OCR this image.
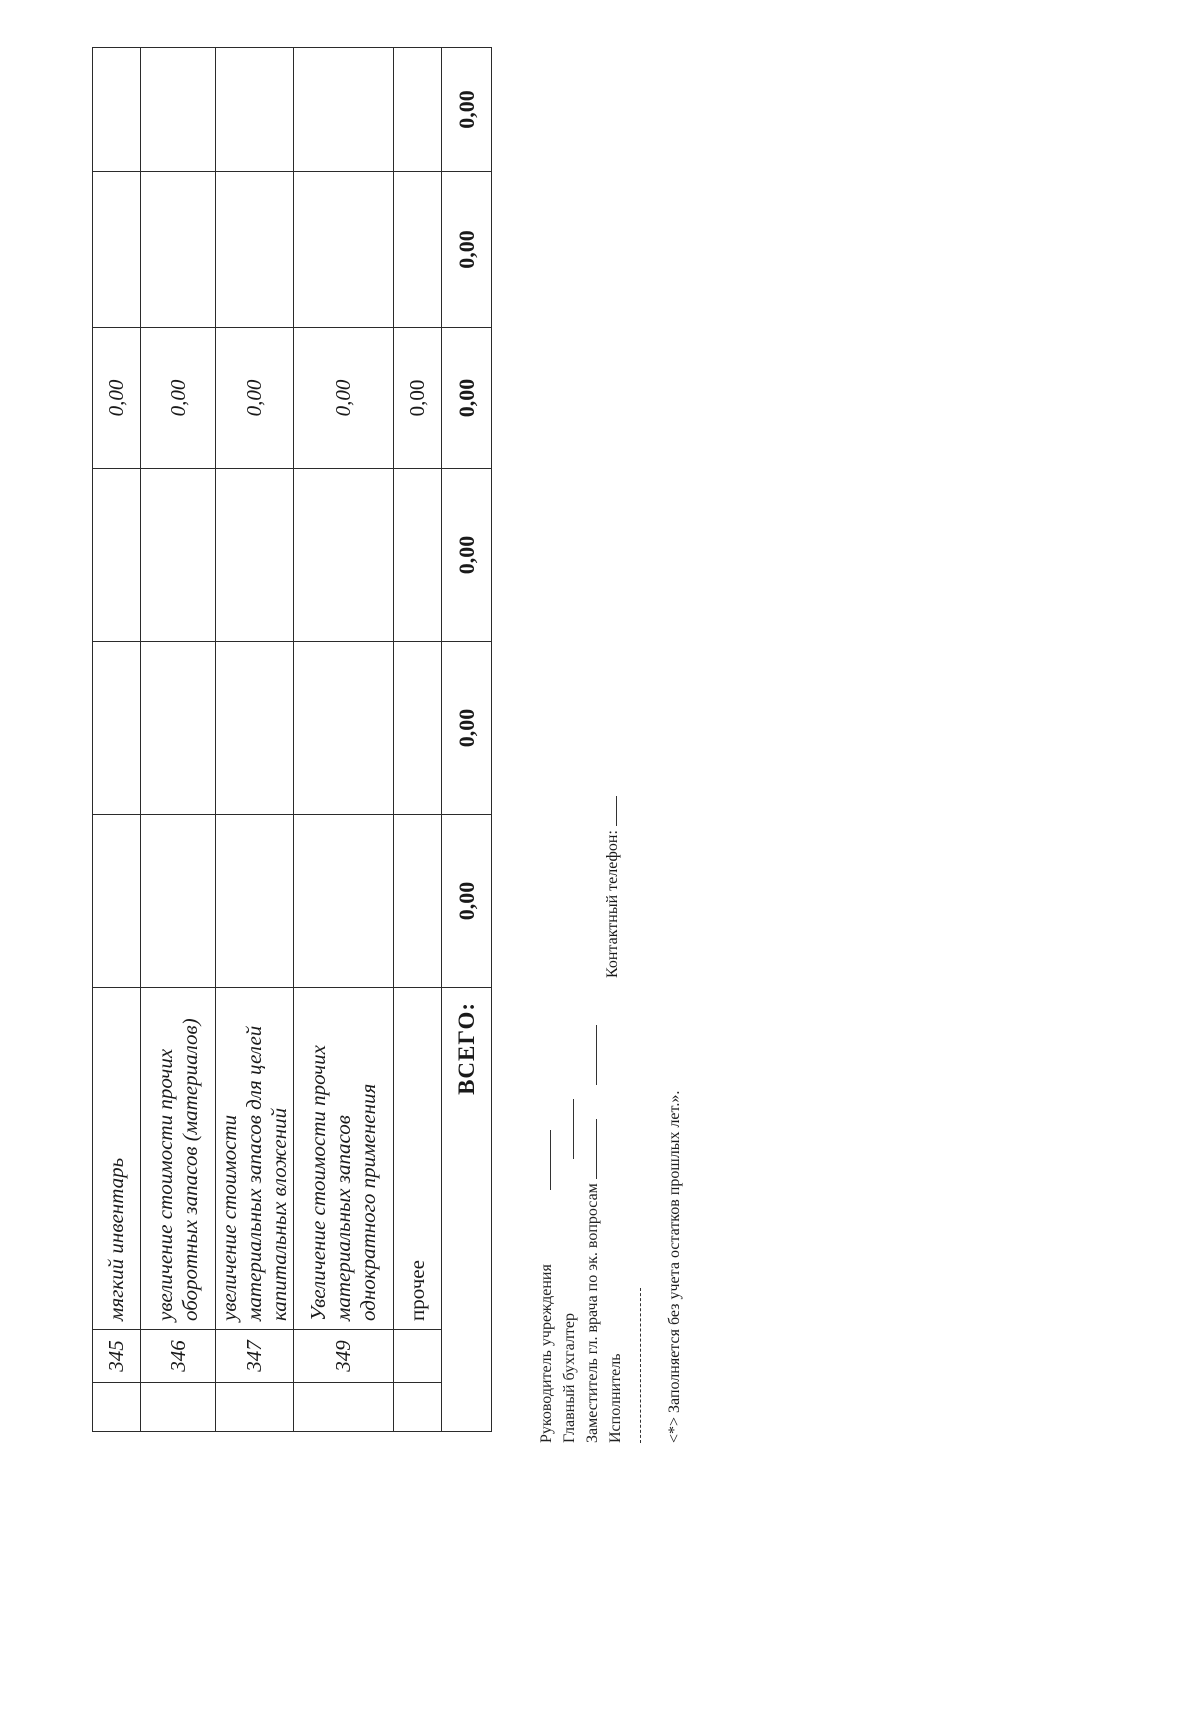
	345	мягкий инвентарь				0,00		
	346	увеличение стоимости прочих оборотных запасов (материалов)				0,00		
	347	увеличение стоимости материальных запасов для целей капитальных вложений				0,00		
	349	Увеличение стоимости прочих материальных запасов однократного применения				0,00		
		прочее				0,00		
ВСЕГО:			0,00	0,00	0,00	0,00	0,00	0,00
Руководитель учреждения Главный бухгалтер Заместитель гл. врача по эк. вопросам Исполнитель
Контактный телефон:
<*> Заполняется без учета остатков прошлых лет.».
